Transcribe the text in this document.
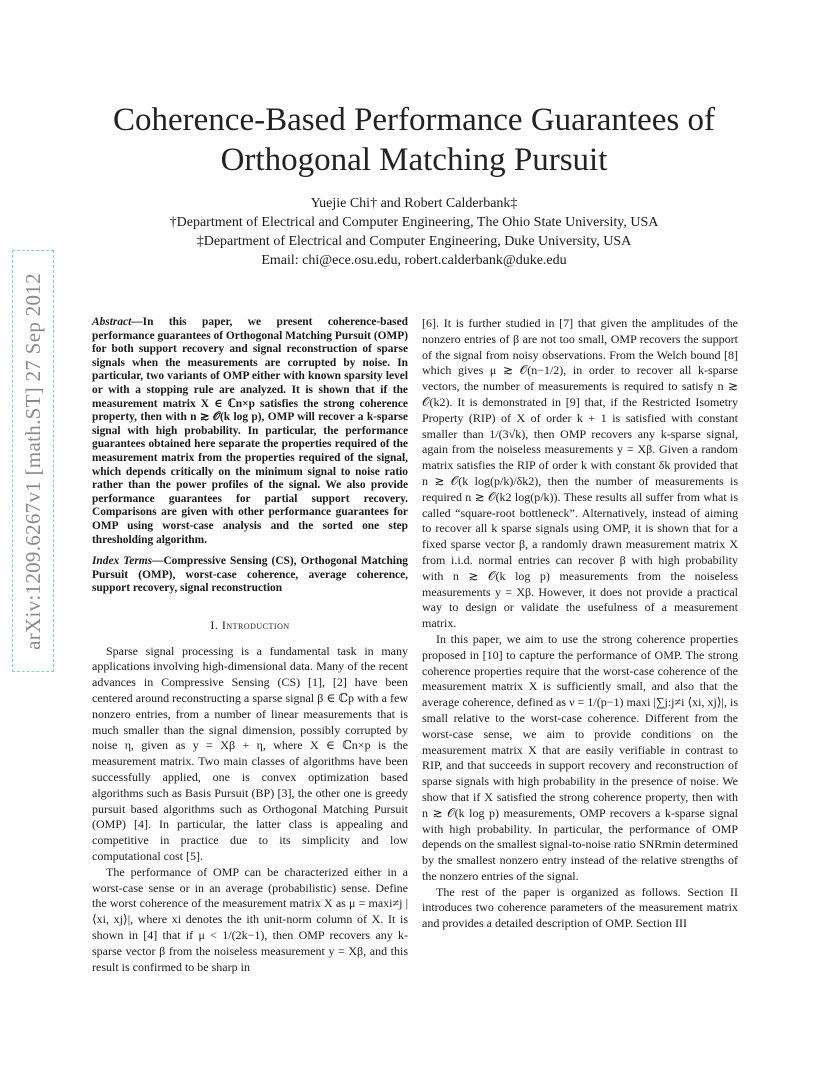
arXiv:1209.6267v1 [math.ST] 27 Sep 2012
Coherence-Based Performance Guarantees of
Orthogonal Matching Pursuit
Yuejie Chi† and Robert Calderbank‡
†Department of Electrical and Computer Engineering, The Ohio State University, USA
‡Department of Electrical and Computer Engineering, Duke University, USA
Email: chi@ece.osu.edu, robert.calderbank@duke.edu
Abstract—In this paper, we present coherence-based performance guarantees of Orthogonal Matching Pursuit (OMP) for both support recovery and signal reconstruction of sparse signals when the measurements are corrupted by noise. In particular, two variants of OMP either with known sparsity level or with a stopping rule are analyzed. It is shown that if the measurement matrix X ∈ ℂn×p satisfies the strong coherence property, then with n ≳ 𝒪(k log p), OMP will recover a k-sparse signal with high probability. In particular, the performance guarantees obtained here separate the properties required of the measurement matrix from the properties required of the signal, which depends critically on the minimum signal to noise ratio rather than the power profiles of the signal. We also provide performance guarantees for partial support recovery. Comparisons are given with other performance guarantees for OMP using worst-case analysis and the sorted one step thresholding algorithm.
Index Terms—Compressive Sensing (CS), Orthogonal Matching Pursuit (OMP), worst-case coherence, average coherence, support recovery, signal reconstruction
I. Introduction

Sparse signal processing is a fundamental task in many applications involving high-dimensional data. Many of the recent advances in Compressive Sensing (CS) [1], [2] have been centered around reconstructing a sparse signal β ∈ ℂp with a few nonzero entries, from a number of linear measurements that is much smaller than the signal dimension, possibly corrupted by noise η, given as y = Xβ + η, where X ∈ ℂn×p is the measurement matrix. Two main classes of algorithms have been successfully applied, one is convex optimization based algorithms such as Basis Pursuit (BP) [3], the other one is greedy pursuit based algorithms such as Orthogonal Matching Pursuit (OMP) [4]. In particular, the latter class is appealing and competitive in practice due to its simplicity and low computational cost [5].

The performance of OMP can be characterized either in a worst-case sense or in an average (probabilistic) sense. Define the worst coherence of the measurement matrix X as μ = maxi≠j |⟨xi, xj⟩|, where xi denotes the ith unit-norm column of X. It is shown in [4] that if μ < 1/(2k−1), then OMP recovers any k-sparse vector β from the noiseless measurement y = Xβ, and this result is confirmed to be sharp in

[6]. It is further studied in [7] that given the amplitudes of the nonzero entries of β are not too small, OMP recovers the support of the signal from noisy observations. From the Welch bound [8] which gives μ ≳ 𝒪(n−1/2), in order to recover all k-sparse vectors, the number of measurements is required to satisfy n ≳ 𝒪(k2). It is demonstrated in [9] that, if the Restricted Isometry Property (RIP) of X of order k + 1 is satisfied with constant smaller than 1/(3√k), then OMP recovers any k-sparse signal, again from the noiseless measurements y = Xβ. Given a random matrix satisfies the RIP of order k with constant δk provided that n ≳ 𝒪(k log(p/k)/δk2), then the number of measurements is required n ≳ 𝒪(k2 log(p/k)). These results all suffer from what is called “square-root bottleneck”. Alternatively, instead of aiming to recover all k sparse signals using OMP, it is shown that for a fixed sparse vector β, a randomly drawn measurement matrix X from i.i.d. normal entries can recover β with high probability with n ≳ 𝒪(k log p) measurements from the noiseless measurements y = Xβ. However, it does not provide a practical way to design or validate the usefulness of a measurement matrix.

In this paper, we aim to use the strong coherence properties proposed in [10] to capture the performance of OMP. The strong coherence properties require that the worst-case coherence of the measurement matrix X is sufficiently small, and also that the average coherence, defined as ν = 1/(p−1) maxi |∑j:j≠i ⟨xi, xj⟩|, is small relative to the worst-case coherence. Different from the worst-case sense, we aim to provide conditions on the measurement matrix X that are easily verifiable in contrast to RIP, and that succeeds in support recovery and reconstruction of sparse signals with high probability in the presence of noise. We show that if X satisfied the strong coherence property, then with n ≳ 𝒪(k log p) measurements, OMP recovers a k-sparse signal with high probability. In particular, the performance of OMP depends on the smallest signal-to-noise ratio SNRmin determined by the smallest nonzero entry instead of the relative strengths of the nonzero entries of the signal.

The rest of the paper is organized as follows. Section II introduces two coherence parameters of the measurement matrix and provides a detailed description of OMP. Section III
